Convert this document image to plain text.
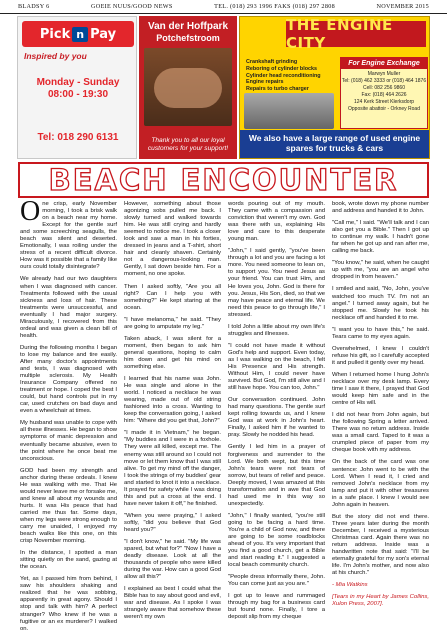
BLADSY 6	GOEIE NUUS/GOOD NEWS	TEL. (018) 293 1996 FAKS (018) 297 2808	NOVEMBER 2015
Pick n Pay
Inspired by you
Monday - Sunday
08:00 - 19:30
Tel: 018 290 6131
Van der Hoffpark
Potchefstroom
Thank you to all our loyal customers for your support!
THE ENGINE CITY
Crankshaft grinding
Reboring of cylinder blocks
Cylinder head reconditioning
Engine repairs
Repairs to turbo charger
For Engine Exchange
Marwyn Muller
Tel: (018) 462 3333 or (018) 464 1876
Cell: 082 256 9860
Fax: (018) 464 2626
124 Kerk Street Klerksdorp
Opposite abattoir - Orkney Road
We also have a large range of used engine spares for trucks & cars
BEACH ENCOUNTER

One crisp, early November morning, I took a brisk walk on a beach near my home. Except for the gentle surf and some screeching seagulls, the beach was silent and deserted. Emotionally, I was roiling under the stress of a recent difficult divorce. How was it possible that a family like ours could totally disintegrate?

We already had our two daughters when I was diagnosed with cancer. Treatments followed with the usual sickness and loss of hair. These treatments were unsuccessful, and eventually I had major surgery. Miraculously, I recovered from this ordeal and was given a clean bill of health.

During the following months I began to lose my balance and tire easily. After many doctor's appointments and tests, I was diagnosed with multiple sclerosis. My Health Insurance Company offered no treatment or hope. I coped the best I could, but hand controls put in my car, used crutches on bad days and even a wheelchair at times.

My husband was unable to cope with all these illnesses. He began to show symptoms of manic depression and eventually became abusive, even to the point where he once beat me unconscious.

GOD had been my strength and anchor during these ordeals. I knew He was walking with me. That He would never leave me or forsake me, and knew all about my wounds and hurts. It was His peace that had carried me thus far. Some days, when my legs were strong enough to carry me unaided, I enjoyed my beach walks like this one, on this crisp November morning.

In the distance, I spotted a man sitting quietly on the sand, gazing at the ocean.

Yet, as I passed him from behind, I saw his shoulders shaking and realized that he was sobbing, apparently in great agony. Should I stop and talk with him? A perfect stranger? Who knew if he was a fugitive or an ex murderer? I walked on.

However, something about those agonizing sobs pulled me back. I slowly turned and walked towards him. He was still crying and hardly seemed to notice me. I took a closer look and saw a man in his forties, dressed in jeans and a T-shirt, short hair and cleanly shaven. Certainly not a dangerous-looking man. Gently, I sat down beside him. For a moment, no one spoke.

Then I asked softly, "Are you all right? Can I help you with something?" He kept staring at the ocean.

"I have melanoma," he said. "They are going to amputate my leg."

Taken aback, I was silent for a moment, then began to ask him general questions, hoping to calm him down and get his mind on something else.

I learned that his name was John. He was single and alone in the world. I noticed a necklace he was wearing, made out of old string fashioned into a cross. Wanting to keep the conversation going, I asked him: "Where did you get that, John?"

"I made it in Vietnam," he began. "My buddies and I were in a foxhole. They were all killed, except me. The enemy was still around so I could not move or let them know that I was still alive. To get my mind off the danger, I took the strings of my buddies' gear and started to knot it into a necklace. It prayed for safety while I was doing this and put a cross at the end. I have never taken it off," he finished.

"When you were praying," I asked softly, "did you believe that God heard you?"

"I don't know," he said. "My life was spared, but what for?" "Now I have a deadly disease. Look at all the thousands of people who were killed during the war. How can a good God allow all this?"

I explained as best I could what the Bible has to say about good and evil, war and disease. As I spoke I was strangely aware that somehow these weren't my own

words pouring out of my mouth. They came with a compassion and conviction that weren't my own. God was there with us, explaining His love and care to this desperate young man.

"John," I said gently, "you've been through a lot and you are facing a lot more. You need someone to lean on, to support you. You need Jesus as your friend. You can trust Him, and He loves you, John. God is there for you. Jesus, His Son, died, so that we may have peace and eternal life. We need this peace to go through life," I stressed.

I told John a little about my own life's struggles and illnesses.

"I could not have made it without God's help and support. Even today, as I was walking on the beach, I felt His Presence and His strength. Without Him, I could never have survived. But God, I'm still alive and I still have hope. You can too, John."

Our conversation continued. John had many questions. The gentle surf kept rolling towards us, and I knew God was at work in John's heart. Finally, I asked him if he wanted to pray. Slowly he nodded his head.

Gently I led him in a prayer of forgiveness and surrender to the Lord. We both wept, but this time John's tears were not tears of sorrow, but tears of relief and peace. Deeply moved, I was amazed at this transformation and in awe that God had used me in this way so unexpectedly.

"John," I finally wanted, "you're still going to be facing a hard time. You're a child of God now, and there are going to be some roadblocks ahead of you. It's very important that you find a good church, get a Bible and start reading it." I suggested a local beach community church.

"People dress informally there, John. You can come just as you are."

I got up to leave and rummaged through my bag for a business card but found none. Finally, I tore a deposit slip from my cheque

book, wrote down my phone number and address and handed it to John.

"Call me," I said. "We'll talk and I can also get you a Bible." Then I got up to continue my walk. I hadn't gone far when he got up and ran after me, calling me back.

"You know," he said, when he caught up with me, "you are an angel who dropped in from heaven."

I smiled and said, "No, John, you've watched too much TV. I'm not an angel." I turned away again, but he stopped me. Slowly he took his necklace off and handed it to me.

"I want you to have this," he said. Tears came to my eyes again.

Overwhelmed, I knew I couldn't refuse his gift, so I carefully accepted it and pulled it gently over my head.

When I returned home I hung John's necklace over my desk lamp. Every time I saw it there, I prayed that God would keep him safe and in the centre of His will.

I did not hear from John again, but the following Spring a letter arrived. There was no return address. Inside was a small card. Taped to it was a crumpled piece of paper from my cheque book with my address.

On the back of the card was one sentence: John went to be with the Lord. When I read it, I cried and removed John's necklace from my lamp and put it with other treasures in a safe place. I knew I would see John again in heaven.

But the story did not end there. Three years later during the month December, I received a mysterious Christmas card. Again there was no return address. Inside was a handwritten note that said: "I'll be eternally grateful for my son's eternal life. I'm John's mother, and now also at his church."

- Mia Watkins

[Tears in my Heart by James Collins, Xulon Press, 2007].
